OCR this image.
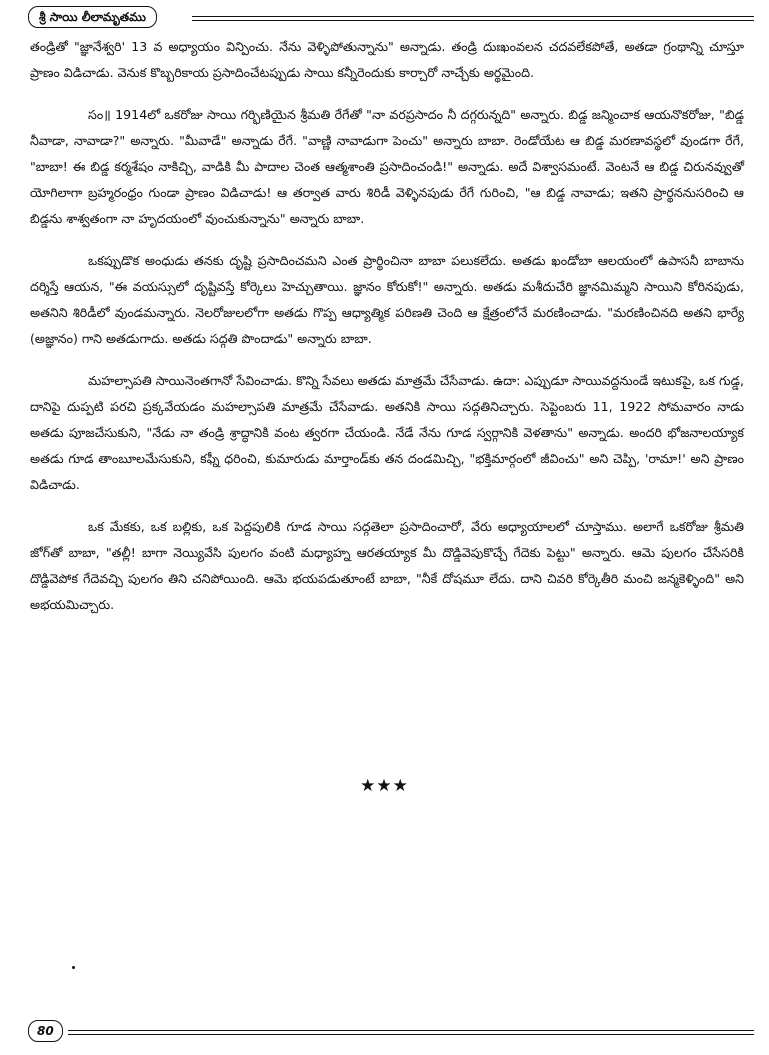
శ్రీ సాయి లీలామృతము

తండ్రితో "జ్ఞానేశ్వరి' 13 వ అధ్యాయం విన్పించు. నేను వెళ్ళిపోతున్నాను" అన్నాడు. తండ్రి దుఃఖంవలన చదవలేకపోతే, అతడా గ్రంథాన్ని చూస్తూ ప్రాణం విడిచాడు. వెనుక కొబ్బరికాయ ప్రసాదించేటప్పుడు సాయి కన్నీరెందుకు కార్చారో నాచ్చేకు అర్థమైంది.

సం॥ 1914లో ఒకరోజు సాయి గర్భిణియైన శ్రీమతి రేగేతో "నా వరప్రసాదం నీ దగ్గరున్నది" అన్నారు. బిడ్డ జన్మించాక ఆయనొకరోజు, "బిడ్డ నీవాడా, నావాడా?" అన్నారు. "మీవాడే" అన్నాడు రేగే. "వాణ్ణి నావాడుగా పెంచు" అన్నారు బాబా. రెండోయేట ఆ బిడ్డ మరణావస్థలో వుండగా రేగే, "బాబా! ఈ బిడ్డ కర్మశేషం నాకిచ్చి, వాడికి మీ పాదాల చెంత ఆత్మశాంతి ప్రసాదించండి!" అన్నాడు. అదే విశ్వాసమంటే. వెంటనే ఆ బిడ్డ చిరునవ్వుతో యోగిలాగా బ్రహ్మరంధ్రం గుండా ప్రాణం విడిచాడు! ఆ తర్వాత వారు శిరిడీ వెళ్ళినపుడు రేగే గురించి, "ఆ బిడ్డ నావాడు; ఇతని ప్రార్థననుసరించి ఆ బిడ్డను శాశ్వతంగా నా హృదయంలో వుంచుకున్నాను" అన్నారు బాబా.

ఒకప్పుడొక అంధుడు తనకు దృష్టి ప్రసాదించమని ఎంత ప్రార్థించినా బాబా పలుకలేదు. అతడు ఖండోబా ఆలయంలో ఉపాసనీ బాబాను దర్శిస్తే ఆయన, "ఈ వయస్సులో దృష్టివస్తే కోర్కెలు హెచ్చుతాయి. జ్ఞానం కోరుకో!" అన్నారు. అతడు మశీదుచేరి జ్ఞానమిమ్మని సాయిని కోరినపుడు, అతనిని శిరిడీలో వుండమన్నారు. నెలరోజులలోగా అతడు గొప్ప ఆధ్యాత్మిక పరిణతి చెంది ఆ క్షేత్రంలోనే మరణించాడు. "మరణించినది అతని భార్యే (అజ్ఞానం) గాని అతడుగాదు. అతడు సద్గతి పొందాడు" అన్నారు బాబా.

మహల్సాపతి సాయినెంతగానో సేవించాడు. కొన్ని సేవలు అతడు మాత్రమే చేసేవాడు. ఉదా: ఎప్పుడూ సాయివద్దనుండే ఇటుకపై, ఒక గుడ్డ, దానిపై దుప్పటి పరచి ప్రక్కవేయడం మహల్సాపతి మాత్రమే చేసేవాడు. అతనికి సాయి సద్గతినిచ్చారు. సెప్టెంబరు 11, 1922 సోమవారం నాడు అతడు పూజచేసుకుని, "నేడు నా తండ్రి శ్రాద్ధానికి వంట త్వరగా చేయండి. నేడే నేను గూడ స్వర్గానికి వెళతాను" అన్నాడు. అందరి భోజనాలయ్యాక అతడు గూడ తాంబూలమేసుకుని, కఫ్నీ ధరించి, కుమారుడు మార్తాండ్‌కు తన దండమిచ్చి, "భక్తిమార్గంలో జీవించు" అని చెప్పి, 'రామా!' అని ప్రాణం విడిచాడు.

ఒక మేకకు, ఒక బల్లికు, ఒక పెద్దపులికి గూడ సాయి సద్గతెలా ప్రసాదించారో, వేరు అధ్యాయాలలో చూస్తాము. అలాగే ఒకరోజు శ్రీమతి జోగ్‌తో బాబా, "తల్లీ! బాగా నెయ్యివేసి పులగం వంటి మధ్యాహ్న ఆరతయ్యాక మీ దొడ్డివెపుకొచ్చే గేదెకు పెట్టు" అన్నారు. ఆమె పులగం చేసేసరికి దొడ్డివెపోక గేదెవచ్చి పులగం తిని చనిపోయింది. ఆమె భయపడుతూంటే బాబా, "నీకే దోషమూ లేదు. దాని చివరి కోర్కెతీరి మంచి జన్మకెళ్ళింది" అని అభయమిచ్చారు.

★★★
80
